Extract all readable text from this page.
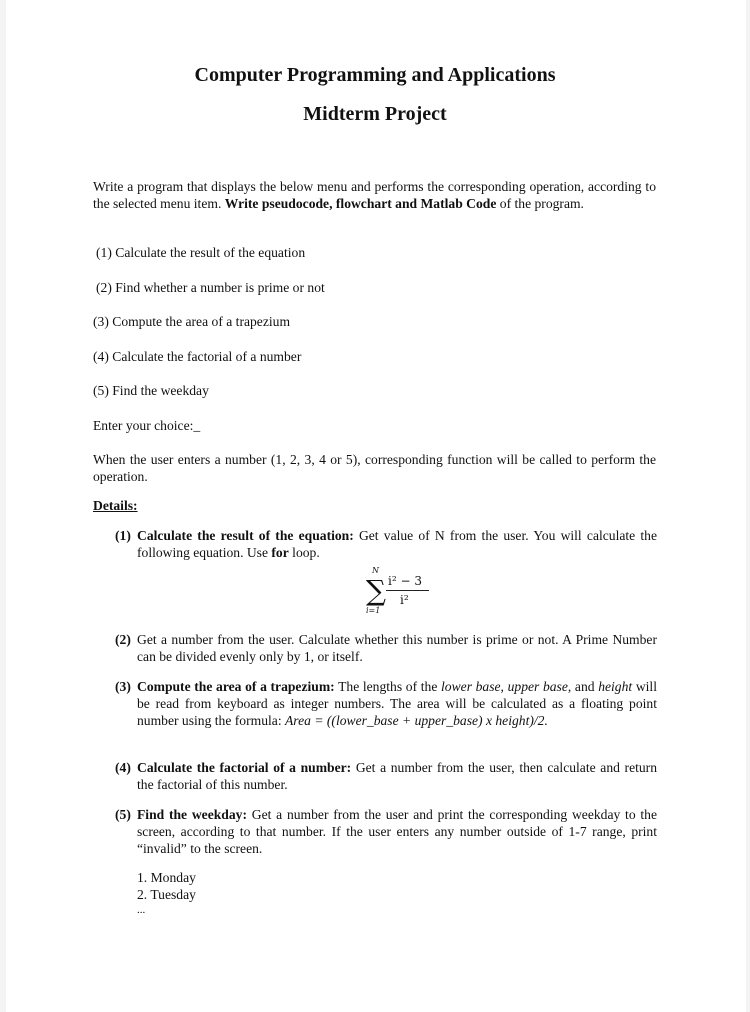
Computer Programming and Applications
Midterm Project
Write a program that displays the below menu and performs the corresponding operation, according to the selected menu item. Write pseudocode, flowchart and Matlab Code of the program.
(1) Calculate the result of the equation
(2) Find whether a number is prime or not
(3) Compute the area of a trapezium
(4) Calculate the factorial of a number
(5) Find the weekday
Enter your choice:_
When the user enters a number (1, 2, 3, 4 or 5), corresponding function will be called to perform the operation.
Details:
(1) Calculate the result of the equation: Get value of N from the user. You will calculate the following equation. Use for loop.
N
∑
i=1
i² − 3
i²
(2) Get a number from the user. Calculate whether this number is prime or not. A Prime Number can be divided evenly only by 1, or itself.
(3) Compute the area of a trapezium: The lengths of the lower base, upper base, and height will be read from keyboard as integer numbers. The area will be calculated as a floating point number using the formula: Area = ((lower_base + upper_base) x height)/2.
(4) Calculate the factorial of a number: Get a number from the user, then calculate and return the factorial of this number.
(5) Find the weekday: Get a number from the user and print the corresponding weekday to the screen, according to that number. If the user enters any number outside of 1-7 range, print “invalid” to the screen.
1. Monday
2. Tuesday
...
